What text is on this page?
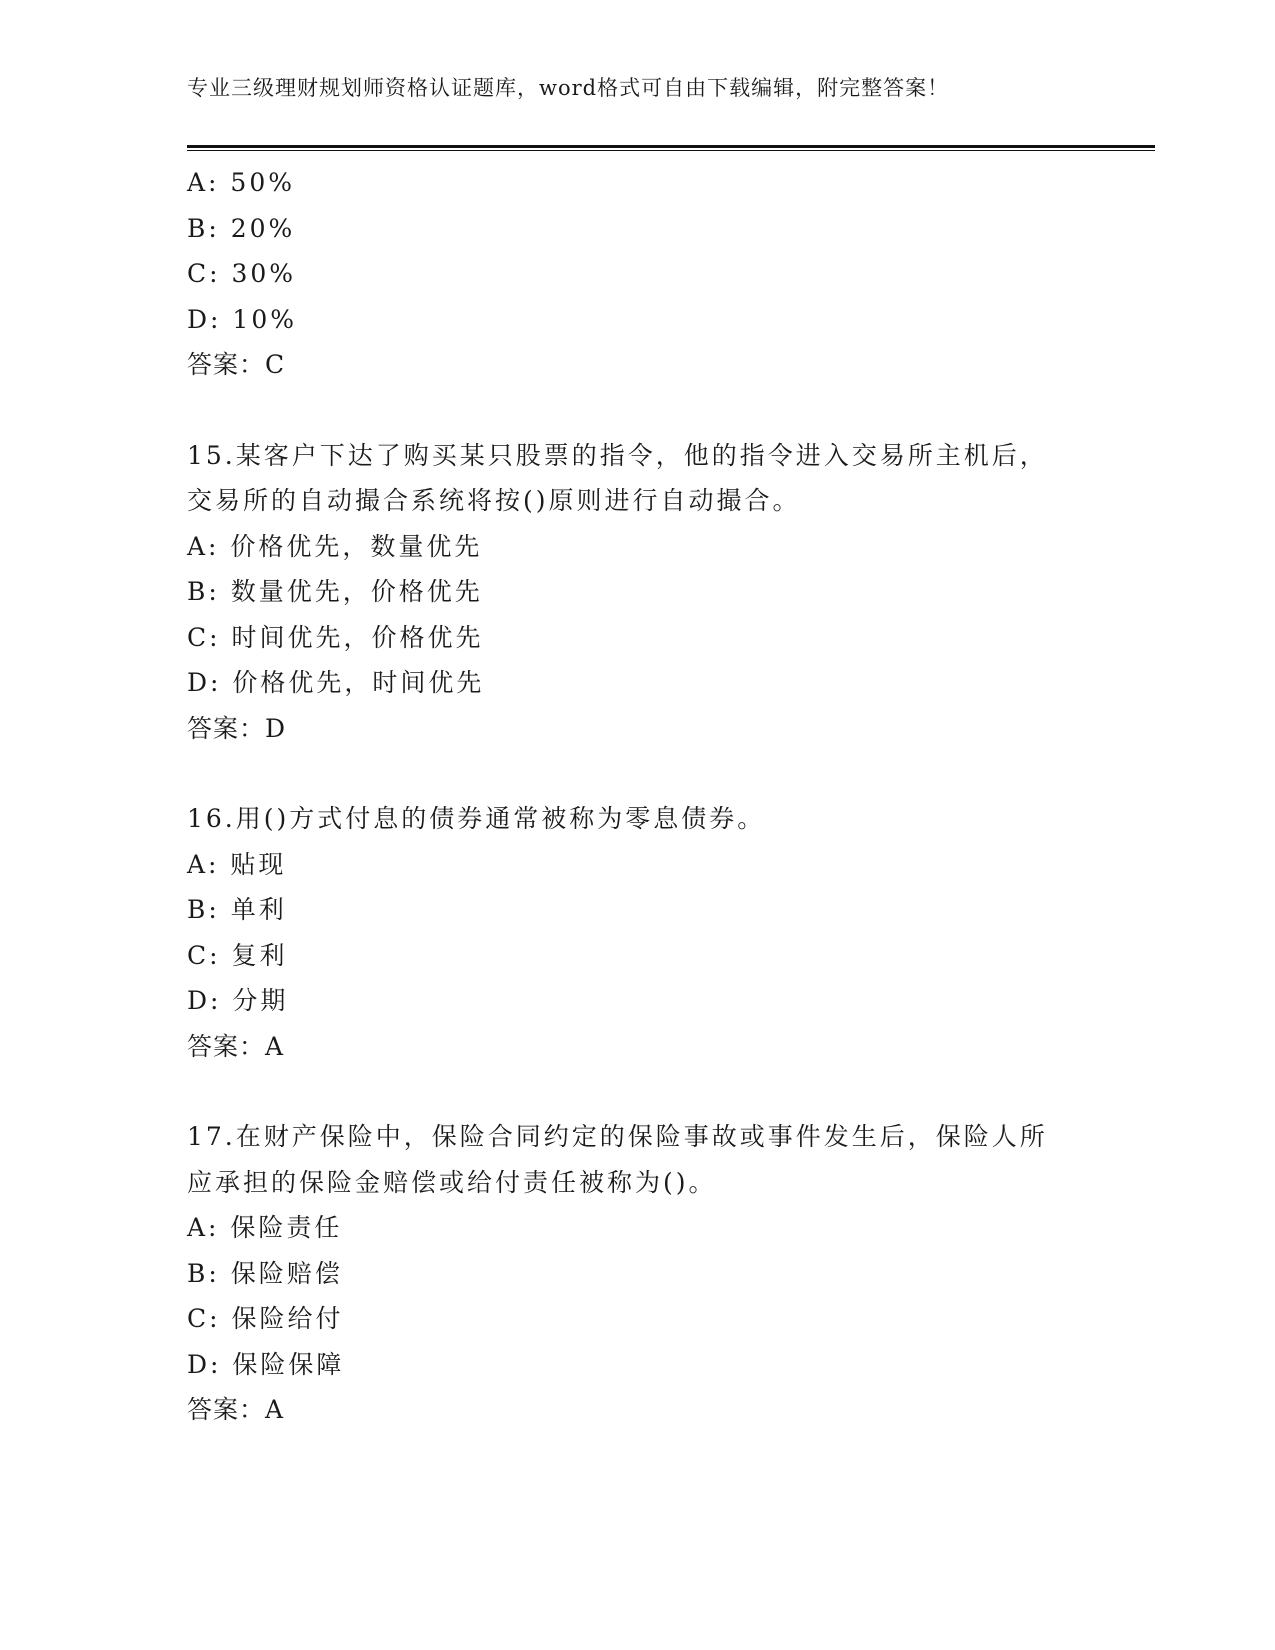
专业三级理财规划师资格认证题库，word格式可自由下载编辑，附完整答案！
A: 50%
B: 20%
C: 30%
D: 10%
答案：C
15.某客户下达了购买某只股票的指令，他的指令进入交易所主机后，
交易所的自动撮合系统将按()原则进行自动撮合。
A: 价格优先，数量优先
B: 数量优先，价格优先
C: 时间优先，价格优先
D: 价格优先，时间优先
答案：D
16.用()方式付息的债券通常被称为零息债券。
A: 贴现
B: 单利
C: 复利
D: 分期
答案：A
17.在财产保险中，保险合同约定的保险事故或事件发生后，保险人所
应承担的保险金赔偿或给付责任被称为()。
A: 保险责任
B: 保险赔偿
C: 保险给付
D: 保险保障
答案：A
